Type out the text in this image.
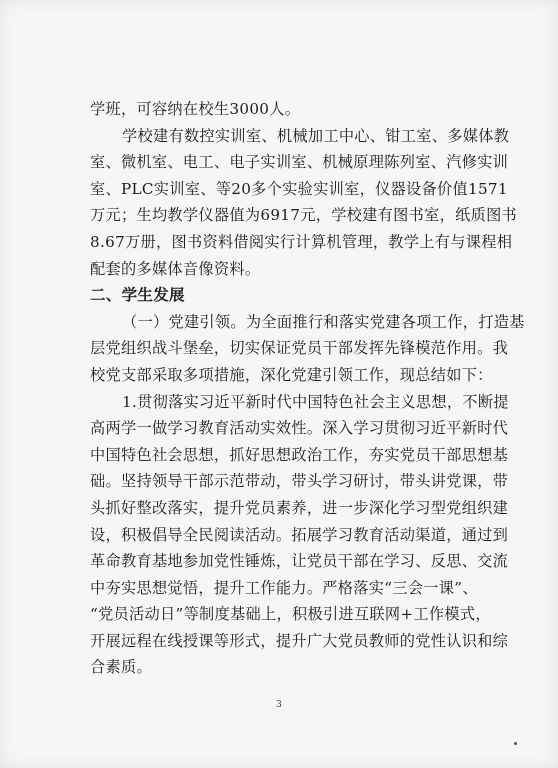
学班，可容纳在校生3000人。
学校建有数控实训室、机械加工中心、钳工室、多媒体教
室、微机室、电工、电子实训室、机械原理陈列室、汽修实训
室、PLC实训室、等20多个实验实训室，仪器设备价值1571
万元；生均教学仪器值为6917元，学校建有图书室，纸质图书
8.67万册，图书资料借阅实行计算机管理，教学上有与课程相
配套的多媒体音像资料。
二、学生发展
（一）党建引领。为全面推行和落实党建各项工作，打造基
层党组织战斗堡垒，切实保证党员干部发挥先锋模范作用。我
校党支部采取多项措施，深化党建引领工作，现总结如下：
1.贯彻落实习近平新时代中国特色社会主义思想，不断提
高两学一做学习教育活动实效性。深入学习贯彻习近平新时代
中国特色社会思想，抓好思想政治工作，夯实党员干部思想基
础。坚持领导干部示范带动，带头学习研讨，带头讲党课，带
头抓好整改落实，提升党员素养，进一步深化学习型党组织建
设，积极倡导全民阅读活动。拓展学习教育活动渠道，通过到
革命教育基地参加党性锤炼，让党员干部在学习、反思、交流
中夯实思想觉悟，提升工作能力。严格落实“三会一课”、
“党员活动日”等制度基础上，积极引进互联网+工作模式，
开展远程在线授课等形式，提升广大党员教师的党性认识和综
合素质。
3
